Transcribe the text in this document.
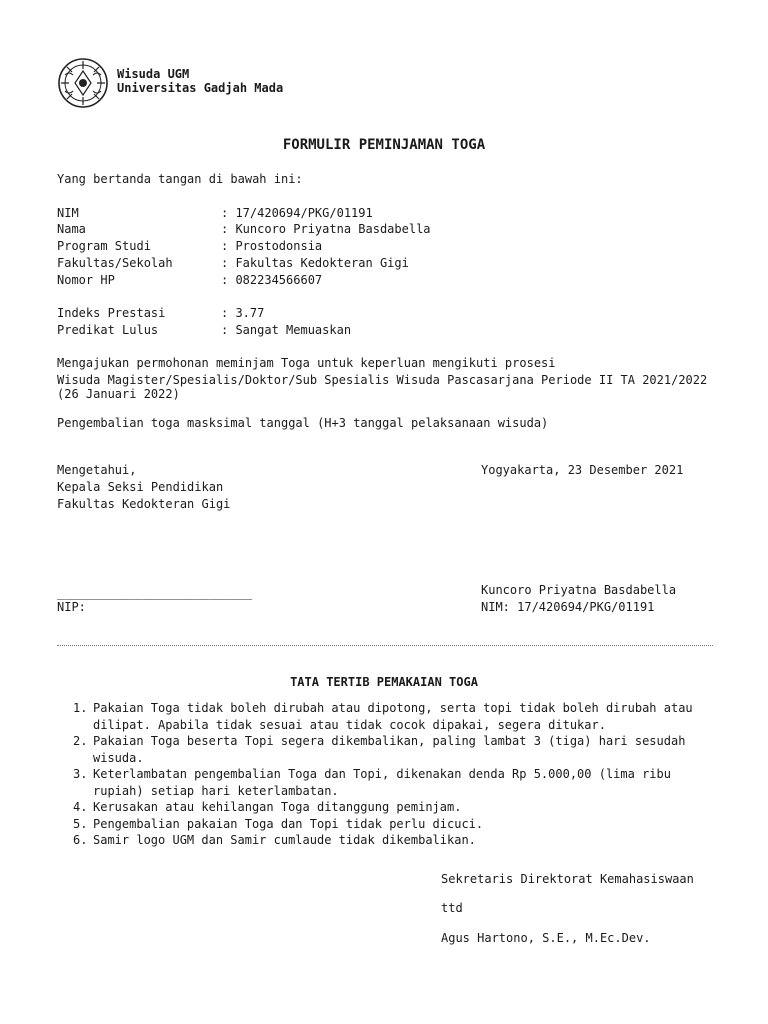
Wisuda UGM
Universitas Gadjah Mada
FORMULIR PEMINJAMAN TOGA
Yang bertanda tangan di bawah ini:
NIM	: 17/420694/PKG/01191
Nama	: Kuncoro Priyatna Basdabella
Program Studi	: Prostodonsia
Fakultas/Sekolah	: Fakultas Kedokteran Gigi
Nomor HP	: 082234566607
Indeks Prestasi	: 3.77
Predikat Lulus	: Sangat Memuaskan
Mengajukan permohonan meminjam Toga untuk keperluan mengikuti prosesi
Wisuda Magister/Spesialis/Doktor/Sub Spesialis Wisuda Pascasarjana Periode II TA 2021/2022
(26 Januari 2022)
Pengembalian toga masksimal tanggal (H+3 tanggal pelaksanaan wisuda)
Mengetahui,
Kepala Seksi Pendidikan
Fakultas Kedokteran Gigi
Yogyakarta, 23 Desember 2021
___________________________
NIP:
Kuncoro Priyatna Basdabella
NIM: 17/420694/PKG/01191
TATA TERTIB PEMAKAIAN TOGA
1. Pakaian Toga tidak boleh dirubah atau dipotong, serta topi tidak boleh dirubah atau dilipat. Apabila tidak sesuai atau tidak cocok dipakai, segera ditukar.
2. Pakaian Toga beserta Topi segera dikembalikan, paling lambat 3 (tiga) hari sesudah wisuda.
3. Keterlambatan pengembalian Toga dan Topi, dikenakan denda Rp 5.000,00 (lima ribu rupiah) setiap hari keterlambatan.
4. Kerusakan atau kehilangan Toga ditanggung peminjam.
5. Pengembalian pakaian Toga dan Topi tidak perlu dicuci.
6. Samir logo UGM dan Samir cumlaude tidak dikembalikan.
Sekretaris Direktorat Kemahasiswaan
ttd
Agus Hartono, S.E., M.Ec.Dev.
